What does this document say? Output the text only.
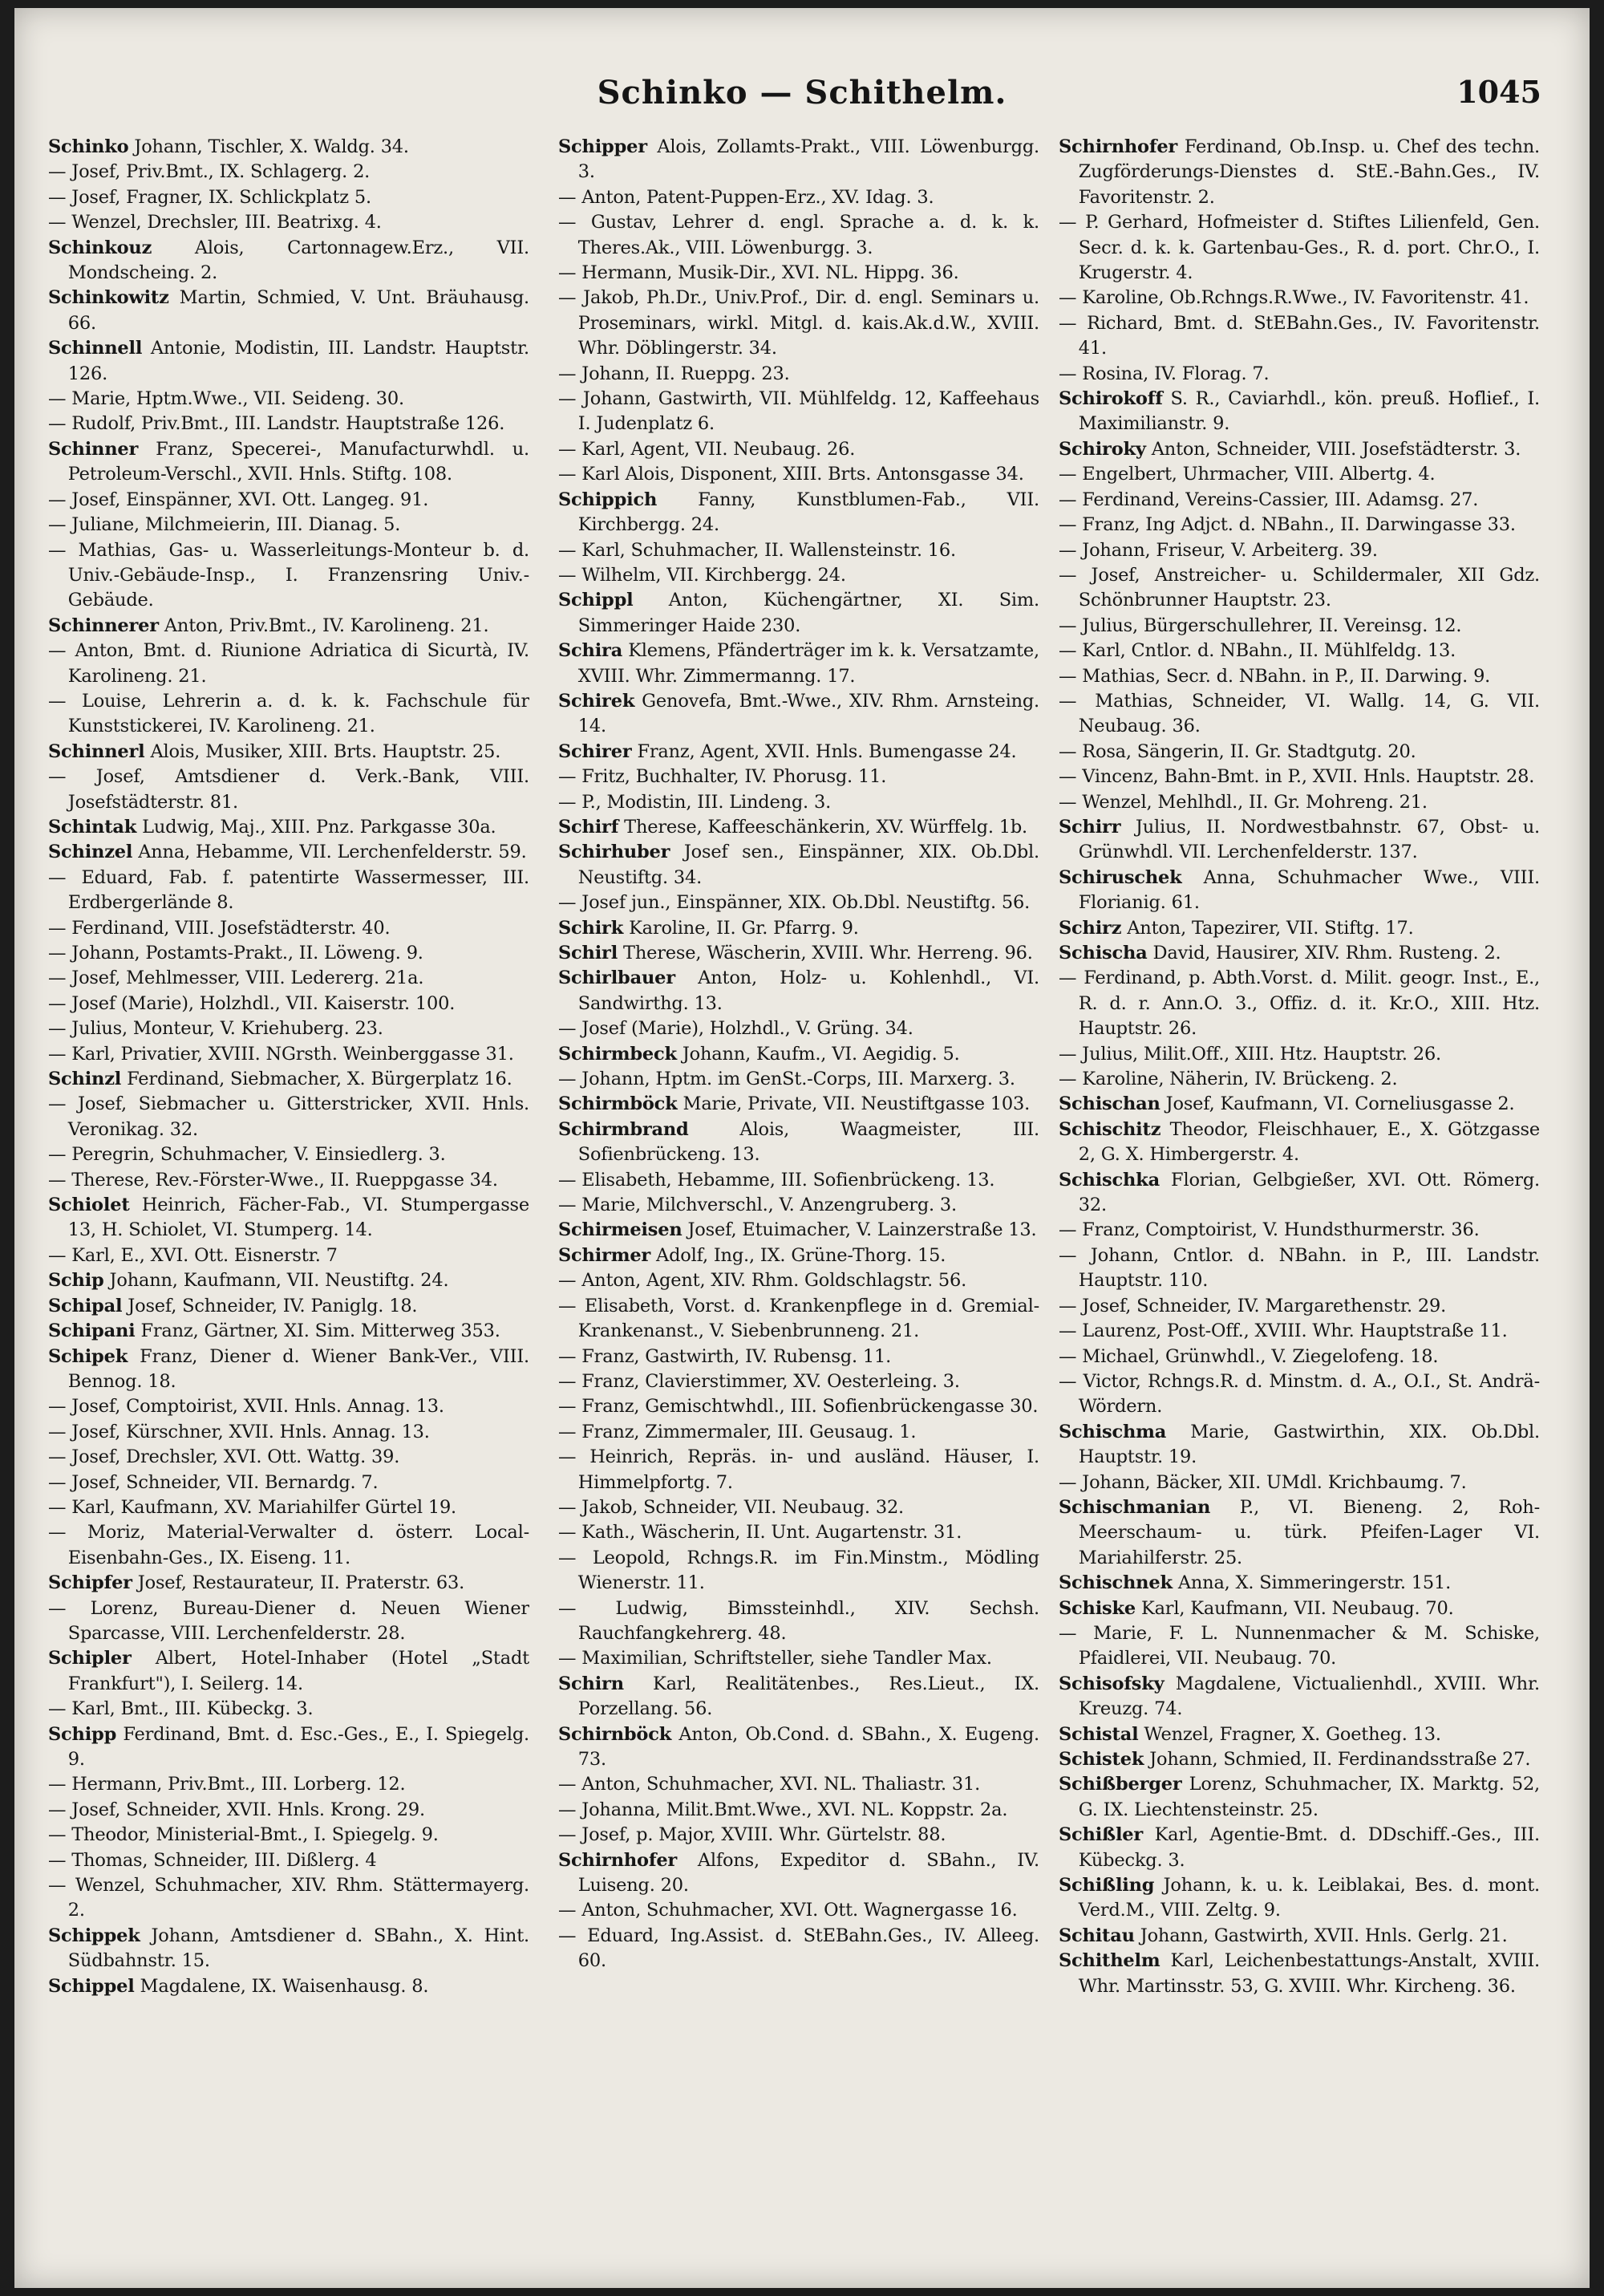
Schinko — Schithelm.	1045

Schinko Johann, Tischler, X. Waldg. 34.

— Josef, Priv.Bmt., IX. Schlagerg. 2.

— Josef, Fragner, IX. Schlickplatz 5.

— Wenzel, Drechsler, III. Beatrixg. 4.

Schinkouz Alois, Cartonnagew.Erz., VII. Mondscheing. 2.

Schinkowitz Martin, Schmied, V. Unt. Bräuhausg. 66.

Schinnell Antonie, Modistin, III. Landstr. Hauptstr. 126.

— Marie, Hptm.Wwe., VII. Seideng. 30.

— Rudolf, Priv.Bmt., III. Landstr. Hauptstraße 126.

Schinner Franz, Specerei-, Manufacturwhdl. u. Petroleum-Verschl., XVII. Hnls. Stiftg. 108.

— Josef, Einspänner, XVI. Ott. Langeg. 91.

— Juliane, Milchmeierin, III. Dianag. 5.

— Mathias, Gas- u. Wasserleitungs-Monteur b. d. Univ.-Gebäude-Insp., I. Franzensring Univ.-Gebäude.

Schinnerer Anton, Priv.Bmt., IV. Karolineng. 21.

— Anton, Bmt. d. Riunione Adriatica di Sicurtà, IV. Karolineng. 21.

— Louise, Lehrerin a. d. k. k. Fachschule für Kunststickerei, IV. Karolineng. 21.

Schinnerl Alois, Musiker, XIII. Brts. Hauptstr. 25.

— Josef, Amtsdiener d. Verk.-Bank, VIII. Josefstädterstr. 81.

Schintak Ludwig, Maj., XIII. Pnz. Parkgasse 30a.

Schinzel Anna, Hebamme, VII. Lerchenfelderstr. 59.

— Eduard, Fab. f. patentirte Wassermesser, III. Erdbergerlände 8.

— Ferdinand, VIII. Josefstädterstr. 40.

— Johann, Postamts-Prakt., II. Löweng. 9.

— Josef, Mehlmesser, VIII. Ledererg. 21a.

— Josef (Marie), Holzhdl., VII. Kaiserstr. 100.

— Julius, Monteur, V. Kriehuberg. 23.

— Karl, Privatier, XVIII. NGrsth. Weinberggasse 31.

Schinzl Ferdinand, Siebmacher, X. Bürgerplatz 16.

— Josef, Siebmacher u. Gitterstricker, XVII. Hnls. Veronikag. 32.

— Peregrin, Schuhmacher, V. Einsiedlerg. 3.

— Therese, Rev.-Förster-Wwe., II. Rueppgasse 34.

Schiolet Heinrich, Fächer-Fab., VI. Stumpergasse 13, H. Schiolet, VI. Stumperg. 14.

— Karl, E., XVI. Ott. Eisnerstr. 7

Schip Johann, Kaufmann, VII. Neustiftg. 24.

Schipal Josef, Schneider, IV. Paniglg. 18.

Schipani Franz, Gärtner, XI. Sim. Mitterweg 353.

Schipek Franz, Diener d. Wiener Bank-Ver., VIII. Bennog. 18.

— Josef, Comptoirist, XVII. Hnls. Annag. 13.

— Josef, Kürschner, XVII. Hnls. Annag. 13.

— Josef, Drechsler, XVI. Ott. Wattg. 39.

— Josef, Schneider, VII. Bernardg. 7.

— Karl, Kaufmann, XV. Mariahilfer Gürtel 19.

— Moriz, Material-Verwalter d. österr. Local-Eisenbahn-Ges., IX. Eiseng. 11.

Schipfer Josef, Restaurateur, II. Praterstr. 63.

— Lorenz, Bureau-Diener d. Neuen Wiener Sparcasse, VIII. Lerchenfelderstr. 28.

Schipler Albert, Hotel-Inhaber (Hotel „Stadt Frankfurt"), I. Seilerg. 14.

— Karl, Bmt., III. Kübeckg. 3.

Schipp Ferdinand, Bmt. d. Esc.-Ges., E., I. Spiegelg. 9.

— Hermann, Priv.Bmt., III. Lorberg. 12.

— Josef, Schneider, XVII. Hnls. Krong. 29.

— Theodor, Ministerial-Bmt., I. Spiegelg. 9.

— Thomas, Schneider, III. Dißlerg. 4

— Wenzel, Schuhmacher, XIV. Rhm. Stättermayerg. 2.

Schippek Johann, Amtsdiener d. SBahn., X. Hint. Südbahnstr. 15.

Schippel Magdalene, IX. Waisenhausg. 8.

Schipper Alois, Zollamts-Prakt., VIII. Löwenburgg. 3.

— Anton, Patent-Puppen-Erz., XV. Idag. 3.

— Gustav, Lehrer d. engl. Sprache a. d. k. k. Theres.Ak., VIII. Löwenburgg. 3.

— Hermann, Musik-Dir., XVI. NL. Hippg. 36.

— Jakob, Ph.Dr., Univ.Prof., Dir. d. engl. Seminars u. Proseminars, wirkl. Mitgl. d. kais.Ak.d.W., XVIII. Whr. Döblingerstr. 34.

— Johann, II. Rueppg. 23.

— Johann, Gastwirth, VII. Mühlfeldg. 12, Kaffeehaus I. Judenplatz 6.

— Karl, Agent, VII. Neubaug. 26.

— Karl Alois, Disponent, XIII. Brts. Antonsgasse 34.

Schippich Fanny, Kunstblumen-Fab., VII. Kirchbergg. 24.

— Karl, Schuhmacher, II. Wallensteinstr. 16.

— Wilhelm, VII. Kirchbergg. 24.

Schippl Anton, Küchengärtner, XI. Sim. Simmeringer Haide 230.

Schira Klemens, Pfänderträger im k. k. Versatzamte, XVIII. Whr. Zimmermanng. 17.

Schirek Genovefa, Bmt.-Wwe., XIV. Rhm. Arnsteing. 14.

Schirer Franz, Agent, XVII. Hnls. Bumengasse 24.

— Fritz, Buchhalter, IV. Phorusg. 11.

— P., Modistin, III. Lindeng. 3.

Schirf Therese, Kaffeeschänkerin, XV. Würffelg. 1b.

Schirhuber Josef sen., Einspänner, XIX. Ob.Dbl. Neustiftg. 34.

— Josef jun., Einspänner, XIX. Ob.Dbl. Neustiftg. 56.

Schirk Karoline, II. Gr. Pfarrg. 9.

Schirl Therese, Wäscherin, XVIII. Whr. Herreng. 96.

Schirlbauer Anton, Holz- u. Kohlenhdl., VI. Sandwirthg. 13.

— Josef (Marie), Holzhdl., V. Grüng. 34.

Schirmbeck Johann, Kaufm., VI. Aegidig. 5.

— Johann, Hptm. im GenSt.-Corps, III. Marxerg. 3.

Schirmböck Marie, Private, VII. Neustiftgasse 103.

Schirmbrand	Alois, Waagmeister, III. Sofienbrückeng. 13.

— Elisabeth, Hebamme, III. Sofienbrückeng. 13.

— Marie, Milchverschl., V. Anzengruberg. 3.

Schirmeisen Josef, Etuimacher, V. Lainzerstraße 13.

Schirmer Adolf, Ing., IX. Grüne-Thorg. 15.

— Anton, Agent, XIV. Rhm. Goldschlagstr. 56.

— Elisabeth, Vorst. d. Krankenpflege in d. Gremial-Krankenanst., V. Siebenbrunneng. 21.

— Franz, Gastwirth, IV. Rubensg. 11.

— Franz, Clavierstimmer, XV. Oesterleing. 3.

— Franz, Gemischtwhdl., III. Sofienbrückengasse 30.

— Franz, Zimmermaler, III. Geusaug. 1.

— Heinrich, Repräs. in- und ausländ. Häuser, I. Himmelpfortg. 7.

— Jakob, Schneider, VII. Neubaug. 32.

— Kath., Wäscherin, II. Unt. Augartenstr. 31.

— Leopold, Rchngs.R. im Fin.Minstm., Mödling Wienerstr. 11.

— Ludwig, Bimssteinhdl., XIV. Sechsh. Rauchfangkehrerg. 48.

— Maximilian, Schriftsteller, siehe Tandler Max.

Schirn Karl, Realitätenbes., Res.Lieut., IX. Porzellang. 56.

Schirnböck Anton, Ob.Cond. d. SBahn., X. Eugeng. 73.

— Anton, Schuhmacher, XVI. NL. Thaliastr. 31.

— Johanna, Milit.Bmt.Wwe., XVI. NL. Koppstr. 2a.

— Josef, p. Major, XVIII. Whr. Gürtelstr. 88.

Schirnhofer Alfons, Expeditor d. SBahn., IV. Luiseng. 20.

— Anton, Schuhmacher, XVI. Ott. Wagnergasse 16.

— Eduard, Ing.Assist. d. StEBahn.Ges., IV. Alleeg. 60.

Schirnhofer Ferdinand, Ob.Insp. u. Chef des techn. Zugförderungs-Dienstes d. StE.-Bahn.Ges., IV. Favoritenstr. 2.

— P. Gerhard, Hofmeister d. Stiftes Lilienfeld, Gen. Secr. d. k. k. Gartenbau-Ges., R. d. port. Chr.O., I. Krugerstr. 4.

— Karoline, Ob.Rchngs.R.Wwe., IV. Favoritenstr. 41.

— Richard, Bmt. d. StEBahn.Ges., IV. Favoritenstr. 41.

— Rosina, IV. Florag. 7.

Schirokoff S. R., Caviarhdl., kön. preuß. Hoflief., I. Maximilianstr. 9.

Schiroky Anton, Schneider, VIII. Josefstädterstr. 3.

— Engelbert, Uhrmacher, VIII. Albertg. 4.

— Ferdinand, Vereins-Cassier, III. Adamsg. 27.

— Franz, Ing Adjct. d. NBahn., II. Darwingasse 33.

— Johann, Friseur, V. Arbeiterg. 39.

— Josef, Anstreicher- u. Schildermaler, XII Gdz. Schönbrunner Hauptstr. 23.

— Julius, Bürgerschullehrer, II. Vereinsg. 12.

— Karl, Cntlor. d. NBahn., II. Mühlfeldg. 13.

— Mathias, Secr. d. NBahn. in P., II. Darwing. 9.

— Mathias, Schneider, VI. Wallg. 14, G. VII. Neubaug. 36.

— Rosa, Sängerin, II. Gr. Stadtgutg. 20.

— Vincenz, Bahn-Bmt. in P., XVII. Hnls. Hauptstr. 28.

— Wenzel, Mehlhdl., II. Gr. Mohreng. 21.

Schirr Julius, II. Nordwestbahnstr. 67, Obst- u. Grünwhdl. VII. Lerchenfelderstr. 137.

Schiruschek Anna, Schuhmacher Wwe., VIII. Florianig. 61.

Schirz Anton, Tapezirer, VII. Stiftg. 17.

Schischa David, Hausirer, XIV. Rhm. Rusteng. 2.

— Ferdinand, p. Abth.Vorst. d. Milit. geogr. Inst., E., R. d. r. Ann.O. 3., Offiz. d. it. Kr.O., XIII. Htz. Hauptstr. 26.

— Julius, Milit.Off., XIII. Htz. Hauptstr. 26.

— Karoline, Näherin, IV. Brückeng. 2.

Schischan Josef, Kaufmann, VI. Corneliusgasse 2.

Schischitz Theodor, Fleischhauer, E., X. Götzgasse 2, G. X. Himbergerstr. 4.

Schischka Florian, Gelbgießer, XVI. Ott. Römerg. 32.

— Franz, Comptoirist, V. Hundsthurmerstr. 36.

— Johann, Cntlor. d. NBahn. in P., III. Landstr. Hauptstr. 110.

— Josef, Schneider, IV. Margarethenstr. 29.

— Laurenz, Post-Off., XVIII. Whr. Hauptstraße 11.

— Michael, Grünwhdl., V. Ziegelofeng. 18.

— Victor, Rchngs.R. d. Minstm. d. A., O.I., St. Andrä-Wördern.

Schischma Marie, Gastwirthin, XIX. Ob.Dbl. Hauptstr. 19.

— Johann, Bäcker, XII. UMdl. Krichbaumg. 7.

Schischmanian P., VI. Bieneng. 2, Roh-Meerschaum- u. türk. Pfeifen-Lager VI. Mariahilferstr. 25.

Schischnek Anna, X. Simmeringerstr. 151.

Schiske Karl, Kaufmann, VII. Neubaug. 70.

— Marie, F. L. Nunnenmacher & M. Schiske, Pfaidlerei, VII. Neubaug. 70.

Schisofsky Magdalene, Victualienhdl., XVIII. Whr. Kreuzg. 74.

Schistal Wenzel, Fragner, X. Goetheg. 13.

Schistek Johann, Schmied, II. Ferdinandsstraße 27.

Schißberger Lorenz, Schuhmacher, IX. Marktg. 52, G. IX. Liechtensteinstr. 25.

Schißler Karl, Agentie-Bmt. d. DDschiff.-Ges., III. Kübeckg. 3.

Schißling Johann, k. u. k. Leiblakai, Bes. d. mont. Verd.M., VIII. Zeltg. 9.

Schitau Johann, Gastwirth, XVII. Hnls. Gerlg. 21.

Schithelm Karl, Leichenbestattungs-Anstalt, XVIII. Whr. Martinsstr. 53, G. XVIII. Whr. Kircheng. 36.
